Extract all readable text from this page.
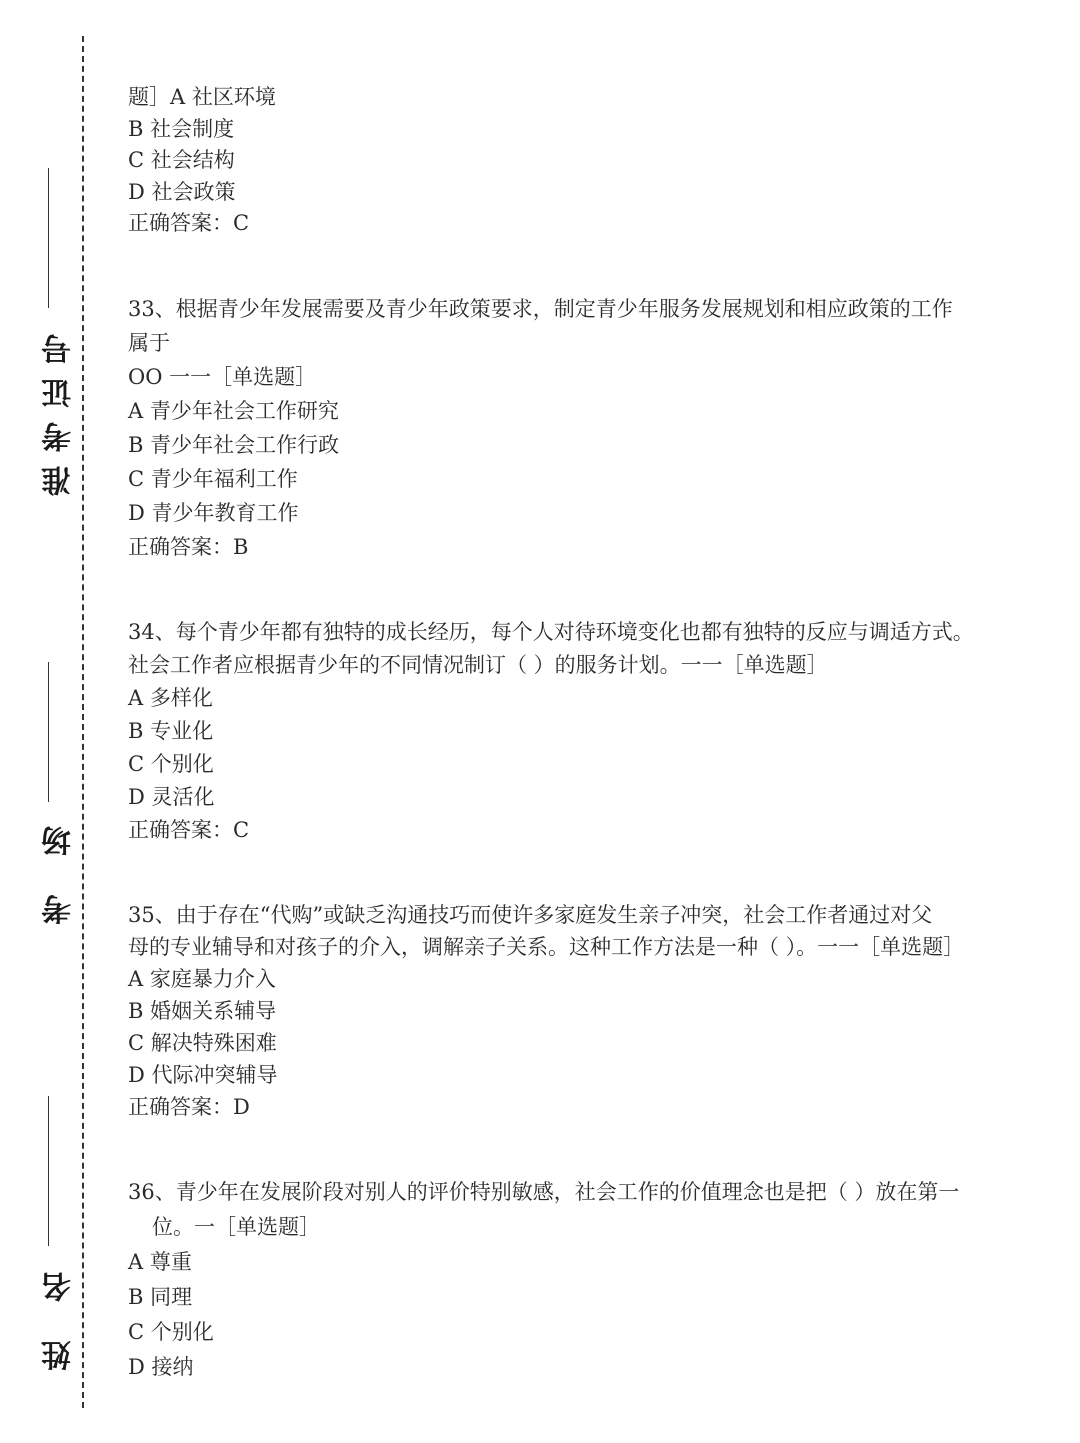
准考证号
考 场
姓 名
题］A 社区环境
B 社会制度
C 社会结构
D 社会政策
正确答案：C
33、根据青少年发展需要及青少年政策要求，制定青少年服务发展规划和相应政策的工作
属于
OO 一一［单选题］
A 青少年社会工作研究
B 青少年社会工作行政
C 青少年福利工作
D 青少年教育工作
正确答案：B
34、每个青少年都有独特的成长经历，每个人对待环境变化也都有独特的反应与调适方式。
社会工作者应根据青少年的不同情况制订（ ）的服务计划。一一［单选题］
A 多样化
B 专业化
C 个别化
D 灵活化
正确答案：C
35、由于存在“代购”或缺乏沟通技巧而使许多家庭发生亲子冲突，社会工作者通过对父
母的专业辅导和对孩子的介入，调解亲子关系。这种工作方法是一种（ ）。一一［单选题］
A 家庭暴力介入
B 婚姻关系辅导
C 解决特殊困难
D 代际冲突辅导
正确答案：D
36、青少年在发展阶段对别人的评价特别敏感，社会工作的价值理念也是把（ ）放在第一
位。一［单选题］
A 尊重
B 同理
C 个别化
D 接纳
